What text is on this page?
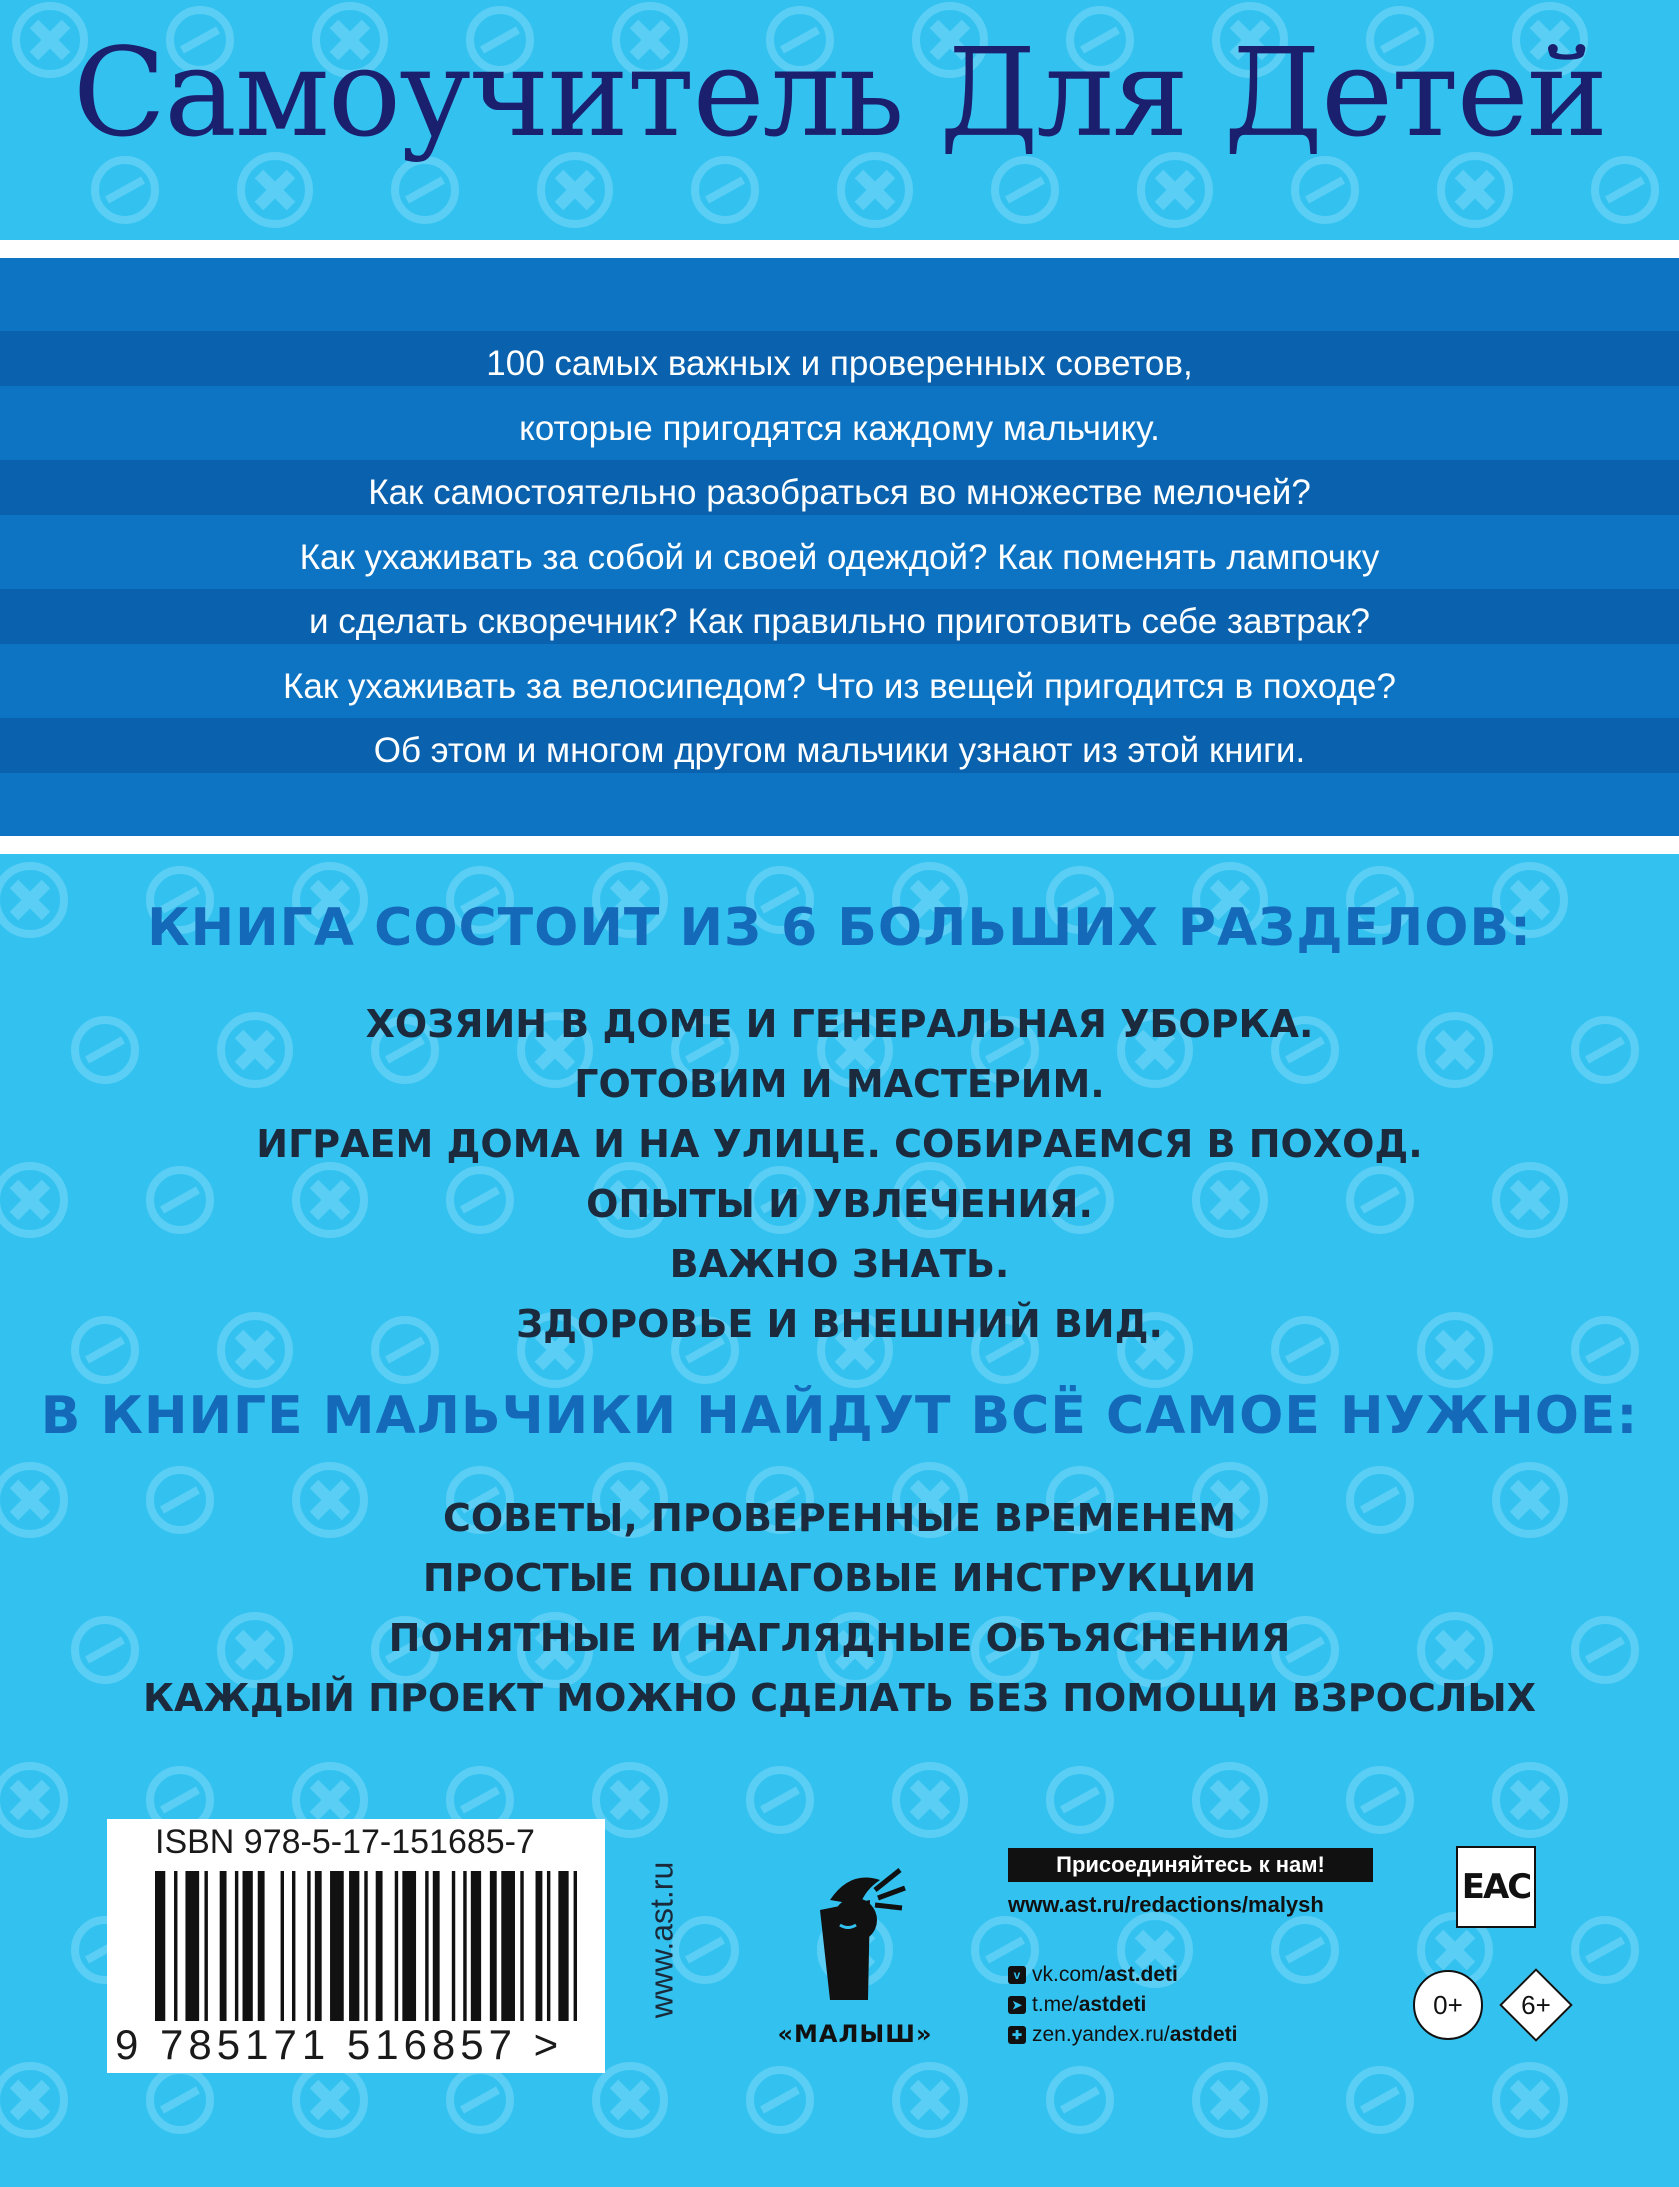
Самоучитель Для Детей
100 самых важных и проверенных советов,
которые пригодятся каждому мальчику.
Как самостоятельно разобраться во множестве мелочей?
Как ухаживать за собой и своей одеждой? Как поменять лампочку
и сделать скворечник? Как правильно приготовить себе завтрак?
Как ухаживать за велосипедом? Что из вещей пригодится в походе?
Об этом и многом другом мальчики узнают из этой книги.
КНИГА СОСТОИТ ИЗ 6 БОЛЬШИХ РАЗДЕЛОВ:
ХОЗЯИН В ДОМЕ И ГЕНЕРАЛЬНАЯ УБОРКА.
ГОТОВИМ И МАСТЕРИМ.
ИГРАЕМ ДОМА И НА УЛИЦЕ. СОБИРАЕМСЯ В ПОХОД.
ОПЫТЫ И УВЛЕЧЕНИЯ.
ВАЖНО ЗНАТЬ.
ЗДОРОВЬЕ И ВНЕШНИЙ ВИД.
В КНИГЕ МАЛЬЧИКИ НАЙДУТ ВСЁ САМОЕ НУЖНОЕ:
СОВЕТЫ, ПРОВЕРЕННЫЕ ВРЕМЕНЕМ
ПРОСТЫЕ ПОШАГОВЫЕ ИНСТРУКЦИИ
ПОНЯТНЫЕ И НАГЛЯДНЫЕ ОБЪЯСНЕНИЯ
КАЖДЫЙ ПРОЕКТ МОЖНО СДЕЛАТЬ БЕЗ ПОМОЩИ ВЗРОСЛЫХ
ISBN 978-5-17-151685-7
9 785171 516857 >
www.ast.ru
«МАЛЫШ»
Присоединяйтесь к нам!
www.ast.ru/redactions/malysh
v vk.com/ ast.deti
➤ t.me/ astdeti
✚ zen.yandex.ru/ astdeti
ЕАС
0+	6+
